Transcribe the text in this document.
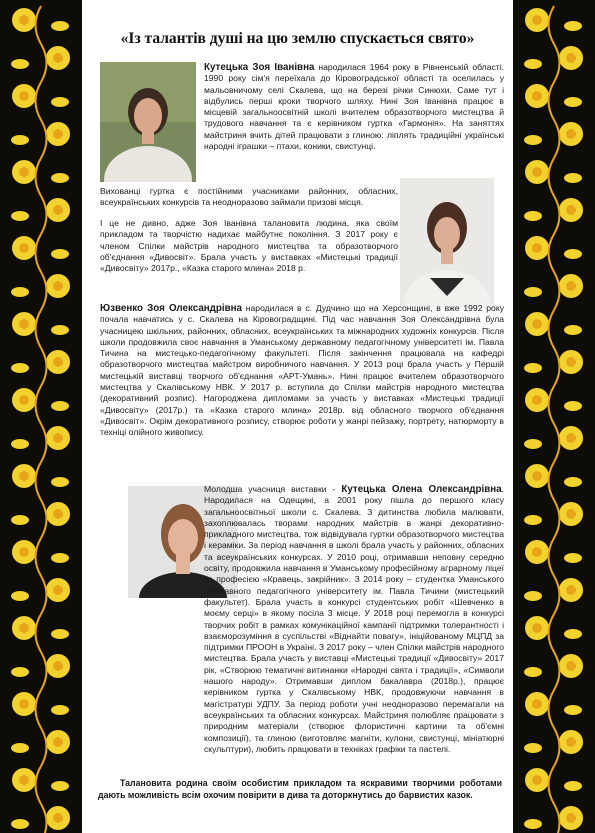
«Із талантів душі на цю землю спускається свято»
Кутецька Зоя Іванівна народилася 1964 року в Рівненській області. 1990 року сім'я переїхала до Кіровоградської області та оселилась у мальовничому селі Скалева, що на березі річки Синюхи. Саме тут і відбулись перші кроки творчого шляху. Нині Зоя Іванівна працює в місцевій загальноосвітній школі вчителем образотворчого мистецтва й трудового навчання та є керівником гуртка «Гармонія». На заняттях майстриня вчить дітей працювати з глиною: ліплять традиційні українські народні іграшки – птахи, коники, свистунці.
Вихованці гуртка є постійними учасниками районних, обласних, всеукраїнських конкурсів та неодноразово займали призові місця.
І це не дивно, адже Зоя Іванівна талановита людина, яка своїм прикладом та творчістю надихає майбутнє покоління. З 2017 року є членом Спілки майстрів народного мистецтва та образотворчого об'єднання «Дивосвіт». Брала участь у виставках «Мистецькі традиції «Дивосвіту» 2017р., «Казка старого млина» 2018 р.
Юзвенко Зоя Олександрівна народилася в с. Дудчино що на Херсонщині, в вже 1992 року почала навчатись у с. Скалева на Кіровоградщині. Під час навчання Зоя Олександрівна була учасницею шкільних, районних, обласних, всеукраїнських та міжнародних художніх конкурсів. Після школи продовжила своє навчання в Уманському державному педагогічному університеті ім. Павла Тичина на мистецько-педагогічному факультеті. Після закінчення працювала на кафедрі образотворчого мистецтва майстром виробничого навчання. У 2013 році брала участь у Першій мистецькій виставці творчого об'єднання «АРТ-Умань». Нині працює вчителем образотворчого мистецтва у Скалівському НВК. У 2017 р. вступила до Спілки майстрів народного мистецтва (декоративний розпис). Нагороджена дипломами за участь у виставках «Мистецькі традиції «Дивосвіту» (2017р.) та «Казка старого млина» 2018р. від обласного творчого об'єднання «Дивосвіт». Окрім декоративного розпису, створює роботи у жанрі пейзажу, портрету, натюрморту в техніці олійного живопису.
Молодша учасниця виставки - Кутецька Олена Олександрівна. Народилася на Одещині, а 2001 року пішла до першого класу загальноосвітньої школи с. Скалева. З дитинства любила малювати, захоплювалась творами народних майстрів в жанрі декоративно-прикладного мистецтва, тож відвідувала гуртки образотворчого мистецтва і кераміки. За період навчання в школі брала участь у районних, обласних та всеукраїнських конкурсах. У 2010 році, отримавши неповну середню освіту, продовжила навчання в Уманському професійному аграрному ліцеї за професією «Кравець, закрійник». З 2014 року – студентка Уманського державного педагогічного університету ім. Павла Тичини (мистецький факультет). Брала участь в конкурсі студентських робіт «Шевченко в моєму серці» в якому посіла 3 місце. У 2018 році перемогла в конкурсі творчих робіт в рамках комунікаційної кампанії підтримки толерантності і взаєморозуміння в суспільстві «Віднайти повагу», ініційованому МЦПД за підтримки ПРООН в Україні. З 2017 року – член Спілки майстрів народного мистецтва. Брала участь у виставці «Мистецькі традиції «Дивосвіту» 2017 рік, «Створюю тематичні витинанки «Народні свята і традиції», «Символи нашого народу». Отримавши диплом бакалавра (2018р.), працює керівником гуртка у Скалівському НВК, продовжуючи навчання в магістратурі УДПУ. За період роботи учні неодноразово перемагали на всеукраїнських та обласних конкурсах. Майстриня полюбляє працювати з природним матеріали (створює флористичні картини та об'ємні композиції), та глиною (виготовляє магніти, кулони, свистунці, мініатюрні скульптури), любить працювати в техніках графіки та пастелі.
Талановита родина своїм особистим прикладом та яскравими творчими роботами дають можливість всім охочим повірити в дива та доторкнутись до барвистих казок.
